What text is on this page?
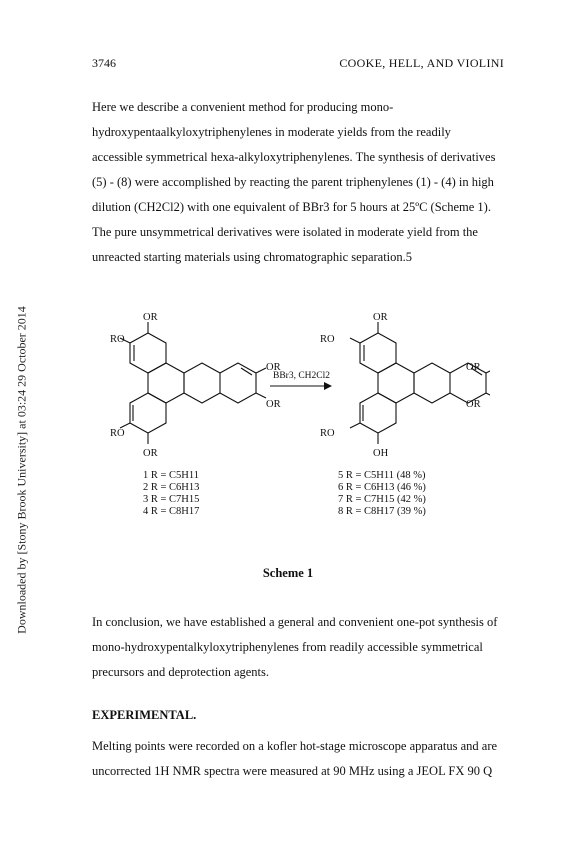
3746	COOKE, HELL, AND VIOLINI
Downloaded by [Stony Brook University] at 03:24 29 October 2014

Here we describe a convenient method for producing mono-
hydroxypentaalkyloxytriphenylenes in moderate yields from the readily
accessible symmetrical hexa-alkyloxytriphenylenes. The synthesis of derivatives
(5) - (8) were accomplished by reacting the parent triphenylenes (1) - (4) in high
dilution (CH2Cl2) with one equivalent of BBr3 for 5 hours at 25ºC (Scheme 1).
The pure unsymmetrical derivatives were isolated in moderate yield from the
unreacted starting materials using chromatographic separation.5

OR
RO
OR
OR
RO
OR
BBr3, CH2Cl2
OR
RO
OR
OR
RO
OH
1 R = C5H11
2 R = C6H13
3 R = C7H15
4 R = C8H17
5 R = C5H11 (48 %)
6 R = C6H13 (46 %)
7 R = C7H15 (42 %)
8 R = C8H17 (39 %)

Scheme 1

In conclusion, we have established a general and convenient one-pot synthesis of
mono-hydroxypentalkyloxytriphenylenes from readily accessible symmetrical
precursors and deprotection agents.

EXPERIMENTAL.

Melting points were recorded on a kofler hot-stage microscope apparatus and are
uncorrected 1H NMR spectra were measured at 90 MHz using a JEOL FX 90 Q
